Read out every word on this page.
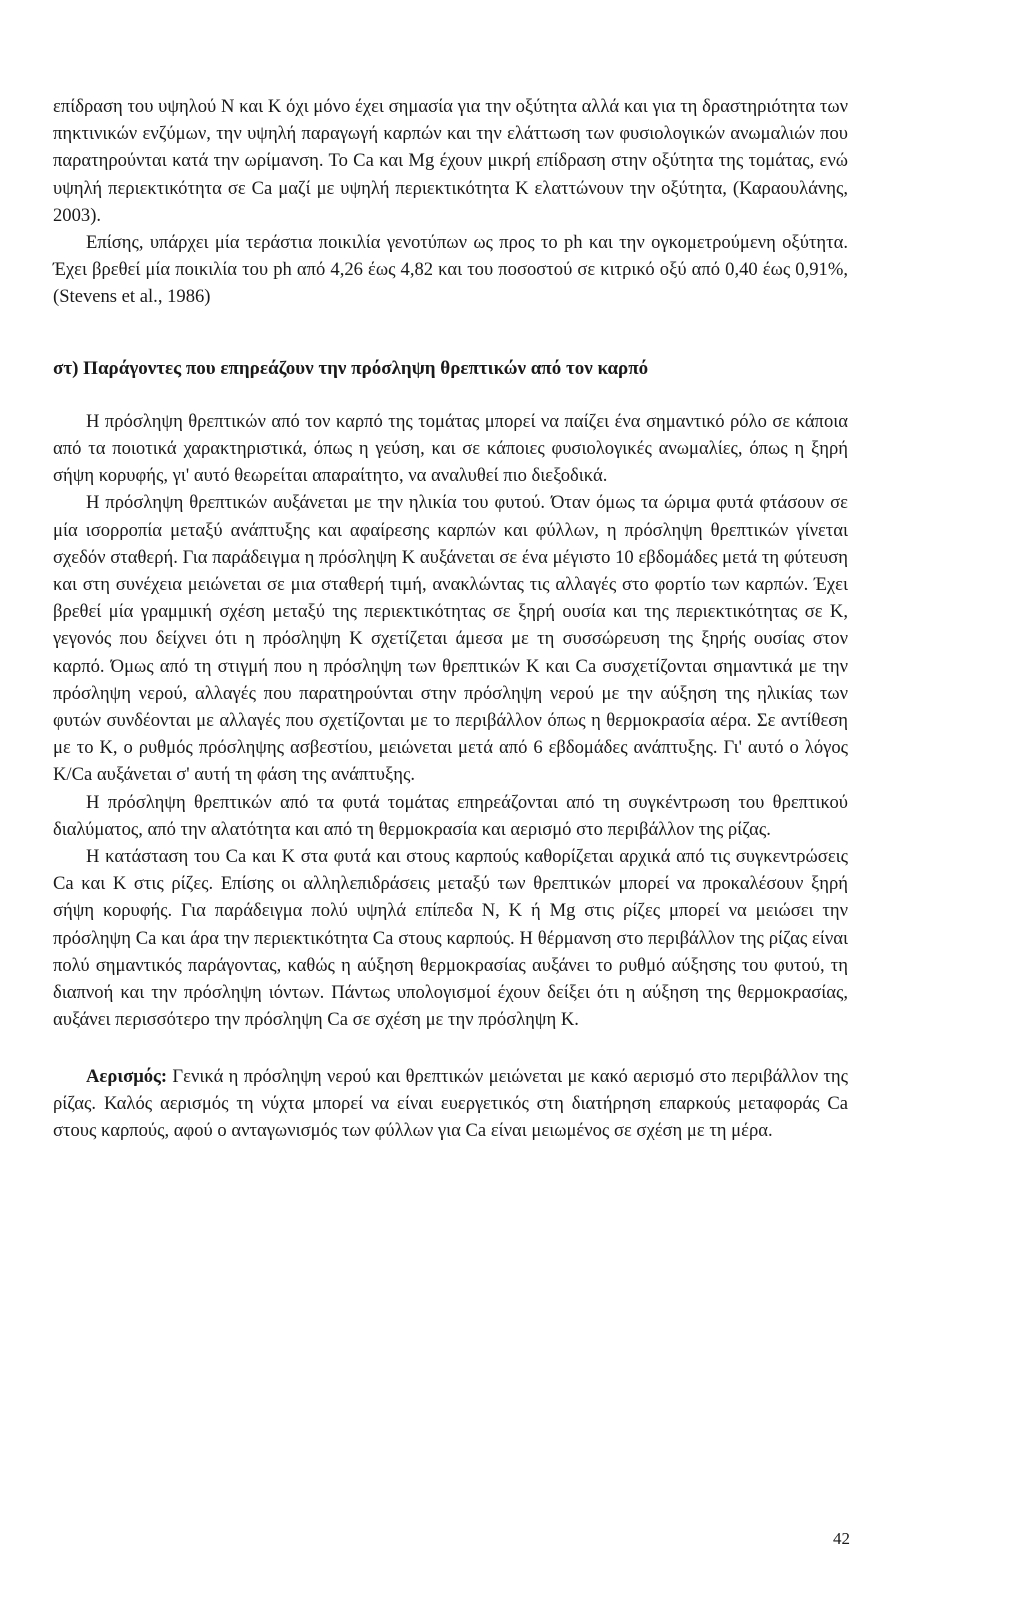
επίδραση του υψηλού Ν και Κ όχι μόνο έχει σημασία για την οξύτητα αλλά και για τη δραστηριότητα των πηκτινικών ενζύμων, την υψηλή παραγωγή καρπών και την ελάττωση των φυσιολογικών ανωμαλιών που παρατηρούνται κατά την ωρίμανση. Το Ca και Mg έχουν μικρή επίδραση στην οξύτητα της τομάτας, ενώ υψηλή περιεκτικότητα σε Ca μαζί με υψηλή περιεκτικότητα Κ ελαττώνουν την οξύτητα, (Καραουλάνης, 2003).

Επίσης, υπάρχει μία τεράστια ποικιλία γενοτύπων ως προς το ph και την ογκομετρούμενη οξύτητα. Έχει βρεθεί μία ποικιλία του ph από 4,26 έως 4,82 και του ποσοστού σε κιτρικό οξύ από 0,40 έως 0,91%, (Stevens et al., 1986)

στ) Παράγοντες που επηρεάζουν την πρόσληψη θρεπτικών από τον καρπό

Η πρόσληψη θρεπτικών από τον καρπό της τομάτας μπορεί να παίζει ένα σημαντικό ρόλο σε κάποια από τα ποιοτικά χαρακτηριστικά, όπως η γεύση, και σε κάποιες φυσιολογικές ανωμαλίες, όπως η ξηρή σήψη κορυφής, γι' αυτό θεωρείται απαραίτητο, να αναλυθεί πιο διεξοδικά.

Η πρόσληψη θρεπτικών αυξάνεται με την ηλικία του φυτού. Όταν όμως τα ώριμα φυτά φτάσουν σε μία ισορροπία μεταξύ ανάπτυξης και αφαίρεσης καρπών και φύλλων, η πρόσληψη θρεπτικών γίνεται σχεδόν σταθερή. Για παράδειγμα η πρόσληψη Κ αυξάνεται σε ένα μέγιστο 10 εβδομάδες μετά τη φύτευση και στη συνέχεια μειώνεται σε μια σταθερή τιμή, ανακλώντας τις αλλαγές στο φορτίο των καρπών. Έχει βρεθεί μία γραμμική σχέση μεταξύ της περιεκτικότητας σε ξηρή ουσία και της περιεκτικότητας σε Κ, γεγονός που δείχνει ότι η πρόσληψη Κ σχετίζεται άμεσα με τη συσσώρευση της ξηρής ουσίας στον καρπό. Όμως από τη στιγμή που η πρόσληψη των θρεπτικών Κ και Ca συσχετίζονται σημαντικά με την πρόσληψη νερού, αλλαγές που παρατηρούνται στην πρόσληψη νερού με την αύξηση της ηλικίας των φυτών συνδέονται με αλλαγές που σχετίζονται με το περιβάλλον όπως η θερμοκρασία αέρα. Σε αντίθεση με το Κ, ο ρυθμός πρόσληψης ασβεστίου, μειώνεται μετά από 6 εβδομάδες ανάπτυξης. Γι' αυτό ο λόγος K/Ca αυξάνεται σ' αυτή τη φάση της ανάπτυξης.

Η πρόσληψη θρεπτικών από τα φυτά τομάτας επηρεάζονται από τη συγκέντρωση του θρεπτικού διαλύματος, από την αλατότητα και από τη θερμοκρασία και αερισμό στο περιβάλλον της ρίζας.

Η κατάσταση του Ca και Κ στα φυτά και στους καρπούς καθορίζεται αρχικά από τις συγκεντρώσεις Ca και Κ στις ρίζες. Επίσης οι αλληλεπιδράσεις μεταξύ των θρεπτικών μπορεί να προκαλέσουν ξηρή σήψη κορυφής. Για παράδειγμα πολύ υψηλά επίπεδα Ν, Κ ή Mg στις ρίζες μπορεί να μειώσει την πρόσληψη Ca και άρα την περιεκτικότητα Ca στους καρπούς. Η θέρμανση στο περιβάλλον της ρίζας είναι πολύ σημαντικός παράγοντας, καθώς η αύξηση θερμοκρασίας αυξάνει το ρυθμό αύξησης του φυτού, τη διαπνοή και την πρόσληψη ιόντων. Πάντως υπολογισμοί έχουν δείξει ότι η αύξηση της θερμοκρασίας, αυξάνει περισσότερο την πρόσληψη Ca σε σχέση με την πρόσληψη Κ.

Αερισμός: Γενικά η πρόσληψη νερού και θρεπτικών μειώνεται με κακό αερισμό στο περιβάλλον της ρίζας. Καλός αερισμός τη νύχτα μπορεί να είναι ευεργετικός στη διατήρηση επαρκούς μεταφοράς Ca στους καρπούς, αφού ο ανταγωνισμός των φύλλων για Ca είναι μειωμένος σε σχέση με τη μέρα.

42
